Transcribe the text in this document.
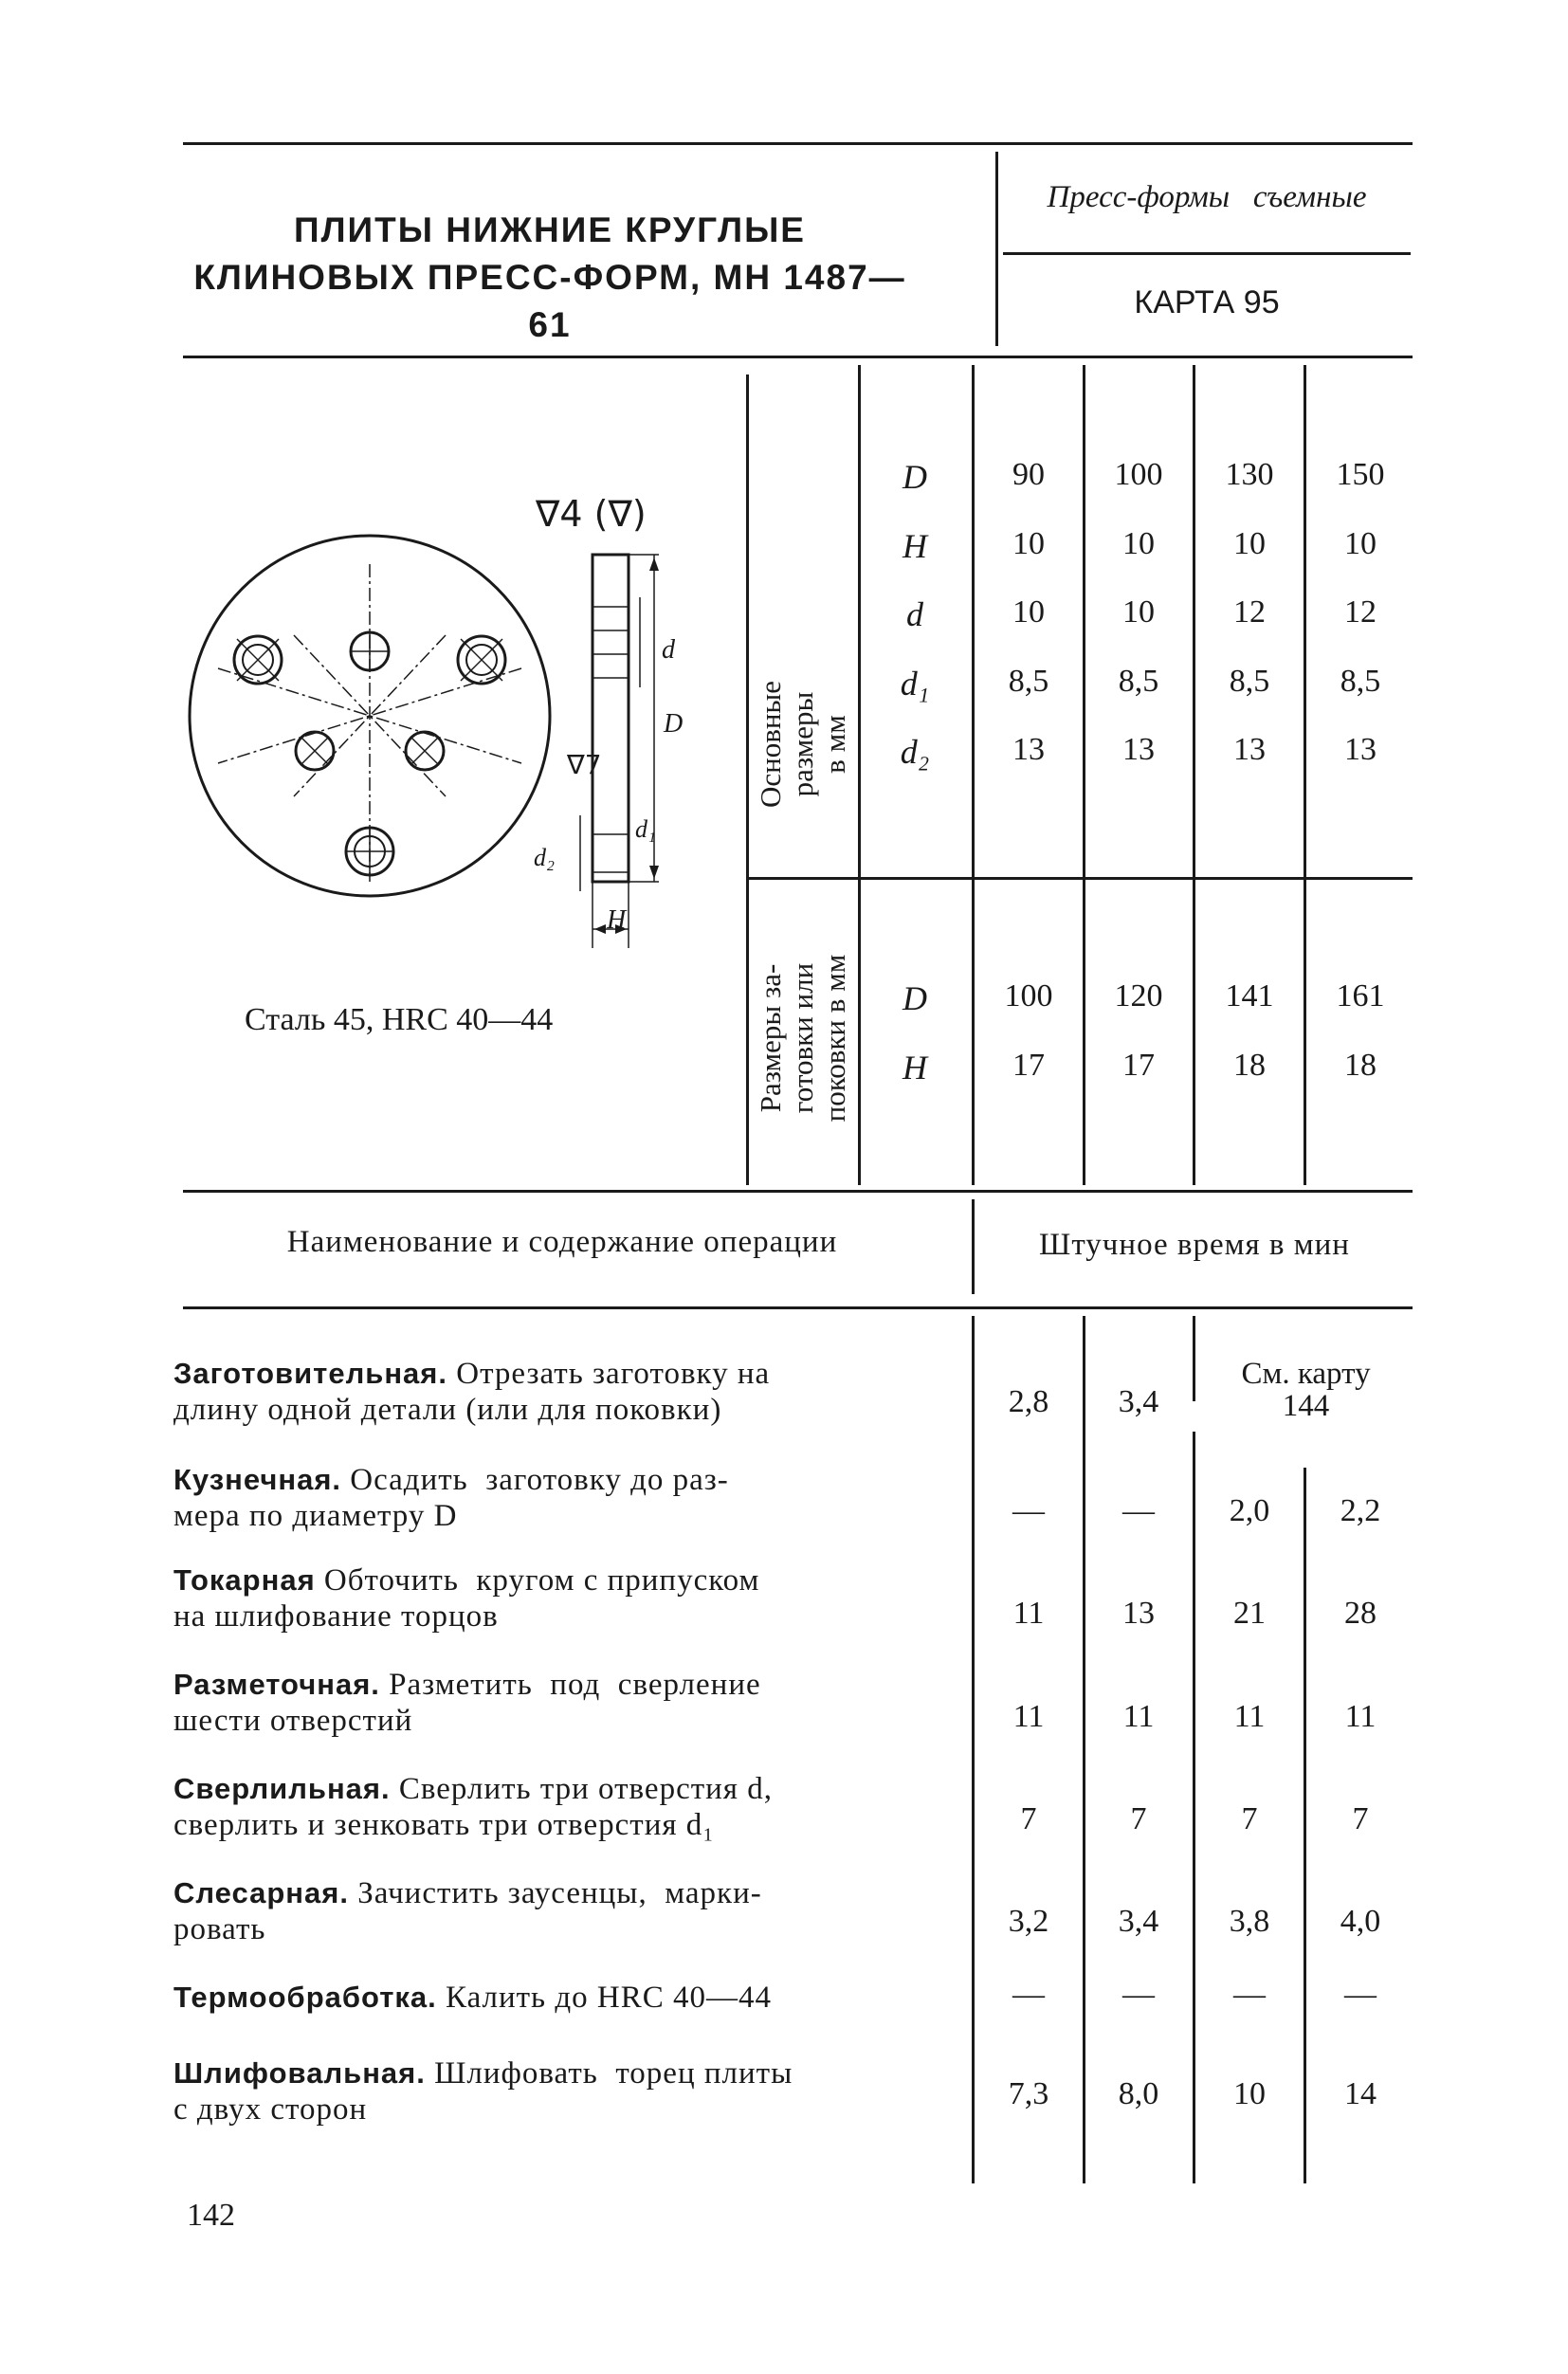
ПЛИТЫ НИЖНИЕ КРУГЛЫЕ
КЛИНОВЫХ ПРЕСС-ФОРМ, МН 1487—61
Пресс-формы   съемные
КАРТА 95
∇4 (∇)
d
D
d₁
d₂
H
∇7
Сталь 45, HRC 40—44
Основные размеры в мм
Размеры за- готовки или поковки в мм
D	90	100	130	150
H	10	10	10	10
d	10	10	12	12
d₁	8,5	8,5	8,5	8,5
d₂	13	13	13	13
D	100	120	141	161
H	17	17	18	18
Наименование и содержание операции	Штучное время в мин
Заготовительная. Отрезать заготовку на
длину одной детали (или для поковки)	2,8	3,4
См. карту
144
Кузнечная. Осадить  заготовку до раз-
мера по диаметру D	—	—	2,0	2,2
Токарная Обточить  кругом с припуском
на шлифование торцов	11	13	21	28
Разметочная. Разметить  под  сверление
шести отверстий	11	11	11	11
Сверлильная. Сверлить три отверстия d,
сверлить и зенковать три отверстия d₁	7	7	7	7
Слесарная. Зачистить заусенцы,  марки-
ровать	3,2	3,4	3,8	4,0
Термообработка. Калить до HRC 40—44	—	—	—	—
Шлифовальная. Шлифовать  торец плиты
с двух сторон	7,3	8,0	10	14
142
